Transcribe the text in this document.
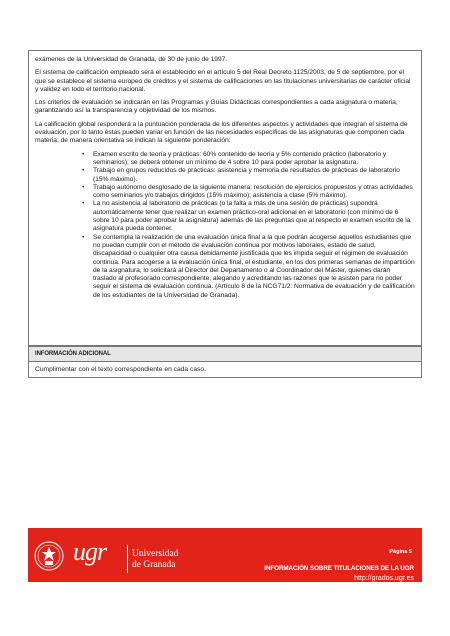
exámenes de la Universidad de Granada, de 30 de junio de 1997.

El sistema de calificación empleado será el establecido en el artículo 5 del Real Decreto 1125/2003, de 5 de septiembre, por el que se establece el sistema europeo de créditos y el sistema de calificaciones en las titulaciones universitarias de carácter oficial y validez en todo el territorio nacional.

Los criterios de evaluación se indicarán en las Programas y Guías Didácticas correspondientes a cada asignatura o materia, garantizando así la transparencia y objetividad de los mismos.

La calificación global responderá a la puntuación ponderada de los diferentes aspectos y actividades que integran el sistema de evaluación, por lo tanto éstas pueden variar en función de las necesidades específicas de las asignaturas que componen cada materia; de manera orientativa se indican la siguiente ponderación:

• Examen escrito de teoría y prácticas: 60% contenido de teoría y 5% contenido práctico (laboratorio y seminarios); se deberá obtener un mínimo de 4 sobre 10 para poder aprobar la asignatura.
• Trabajo en grupos reducidos de prácticas: asistencia y memoria de resultados de prácticas de laboratorio (15% máximo).
• Trabajo autónomo desglosado de la siguiente manera: resolución de ejercicios propuestos y otras actividades como seminarios y/o trabajos dirigidos (15% máximo); asistencia a clase (5% máximo).
• La no asistencia al laboratorio de prácticas (o la falta a más de una sesión de prácticas) supondrá automáticamente tener que realizar un examen práctico-oral adicional en el laboratorio (con mínimo de 6 sobre 10 para poder aprobar la asignatura) además de las preguntas que al respecto el examen escrito de la asignatura pueda contener.
• Se contempla la realización de una evaluación única final a la que podrán acogerse aquellos estudiantes que no puedan cumplir con el método de evaluación continua por motivos laborales, estado de salud, discapacidad o cualquier otra causa debidamente justificada que les impida seguir el régimen de evaluación continua. Para acogerse a la evaluación única final, el estudiante, en los dos primeras semanas de impartición de la asignatura, lo solicitará al Director del Departamento o al Coordinador del Máster, quienes darán traslado al profesorado correspondiente, alegando y acreditando las razones que le asisten para no poder seguir el sistema de evaluación continua. (Artículo 8 de la NCG71/2: Normativa de evaluación y de calificación de los estudiantes de la Universidad de Granada).
INFORMACIÓN ADICIONAL
Cumplimentar con el texto correspondiente en cada caso.
ugr	Universidad
de Granada
Página 5
INFORMACIÓN SOBRE TITULACIONES DE LA UGR
http://grados.ugr.es
